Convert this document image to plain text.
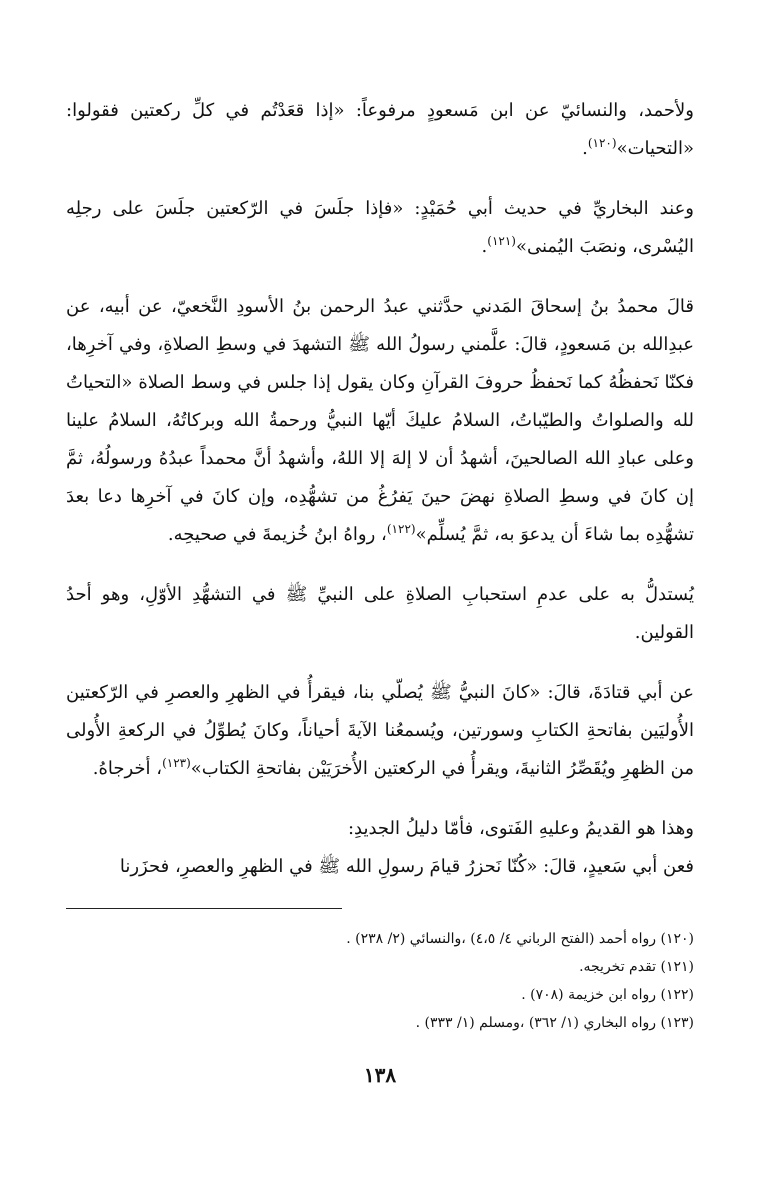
ولأحمد، والنسائيّ عن ابن مَسعودٍ مرفوعاً: «إذا قعَدْتُم في كلِّ ركعتين فقولوا: «التحيات»$^{(١٢٠)}$.

وعند البخاريِّ في حديث أبي حُمَيْدٍ: «فإذا جلَسَ في الرّكعتين جلَسَ على رجلِه اليُسْرى، ونصَبَ اليُمنى»$^{(١٢١)}$.

قالَ محمدُ بنُ إسحاقَ المَدني حدَّثني عبدُ الرحمن بنُ الأسودِ النَّخعيّ، عن أبيه، عن عبدِالله بن مَسعودٍ، قالَ: علَّمني رسولُ الله ﷺ التشهدَ في وسطِ الصلاةِ، وفي آخرِها، فكنّا نَحفظُهُ كما نَحفظُ حروفَ القرآنِ وكان يقول إذا جلس في وسط الصلاة «التحياتُ لله والصلواتُ والطيّباتُ، السلامُ عليكَ أيّها النبيُّ ورحمةُ الله وبركاتُهُ، السلامُ علينا وعلى عبادِ الله الصالحينَ، أشهدُ أن لا إلهَ إلا اللهُ، وأشهدُ أنَّ محمداً عبدُهُ ورسولُهُ، ثمَّ إن كانَ في وسطِ الصلاةِ نهضَ حينَ يَفرُغُ من تشهُّدِه، وإن كانَ في آخرِها دعا بعدَ تشهُّدِه بما شاءَ أن يدعوَ به، ثمَّ يُسلِّم»$^{(١٢٢)}$، رواهُ ابنُ خُزيمةَ في صحيحِه.

يُستدلُّ به على عدمِ استحبابِ الصلاةِ على النبيِّ ﷺ في التشهُّدِ الأوّلِ، وهو أحدُ القولين.

عن أبي قتادَةَ، قالَ: «كانَ النبيُّ ﷺ يُصلّي بنا، فيقرأُ في الظهرِ والعصرِ في الرّكعتين الأُوليَين بفاتحةِ الكتابِ وسورتين، ويُسمعُنا الآيةَ أحياناً، وكانَ يُطوِّلُ في الركعةِ الأُولى من الظهرِ ويُقَصِّرُ الثانيةَ، ويقرأُ في الركعتين الأُخرَيَيْن بفاتحةِ الكتاب»$^{(١٢٣)}$، أخرجاهُ.

وهذا هو القديمُ وعليهِ الفَتوى، فأمّا دليلُ الجديدِ:

فعن أبي سَعيدٍ، قالَ: «كُنّا نَحزرُ قيامَ رسولِ الله ﷺ في الظهرِ والعصرِ، فحزَرنا

(١٢٠) رواه أحمد (الفتح الرباني ٤/ ٤،٥) ،والنسائي (٢/ ٢٣٨) .

(١٢١) تقدم تخريجه.

(١٢٢) رواه ابن خزيمة (٧٠٨) .

(١٢٣) رواه البخاري (١/ ٣٦٢) ،ومسلم (١/ ٣٣٣) .

١٣٨
